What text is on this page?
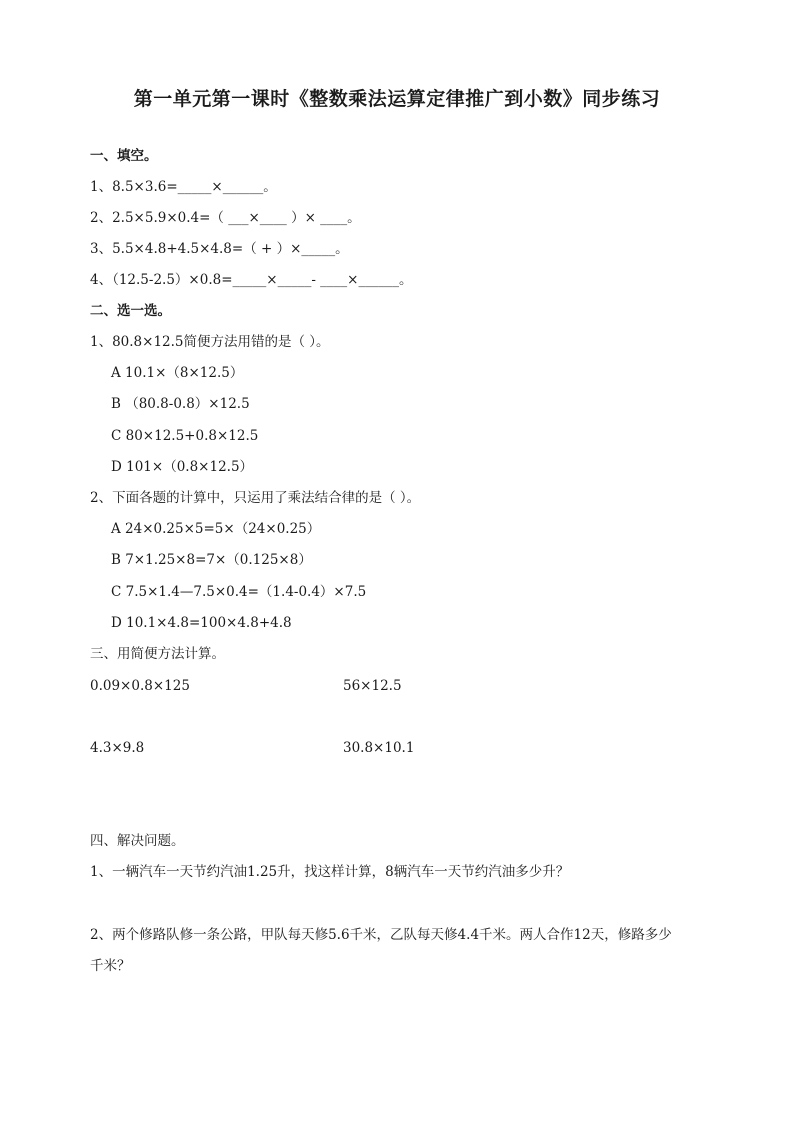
第一单元第一课时《整数乘法运算定律推广到小数》同步练习
一、填空。
1、8.5×3.6=_____×______。
2、2.5×5.9×0.4=（ ___×____ ）× ____。
3、5.5×4.8+4.5×4.8=（ + ）×_____。
4、（12.5-2.5）×0.8=_____×_____- ____×______。
二、选一选。
1、80.8×12.5简便方法用错的是（ ）。
A 10.1×（8×12.5）
B （80.8-0.8）×12.5
C 80×12.5+0.8×12.5
D 101×（0.8×12.5）
2、下面各题的计算中，只运用了乘法结合律的是（ ）。
A 24×0.25×5=5×（24×0.25）
B 7×1.25×8=7×（0.125×8）
C 7.5×1.4—7.5×0.4=（1.4-0.4）×7.5
D 10.1×4.8=100×4.8+4.8
三、用简便方法计算。
0.09×0.8×125	56×12.5
4.3×9.8	30.8×10.1
四、解决问题。
1、一辆汽车一天节约汽油1.25升，找这样计算，8辆汽车一天节约汽油多少升？
2、两个修路队修一条公路，甲队每天修5.6千米，乙队每天修4.4千米。两人合作12天，修路多少
千米？
